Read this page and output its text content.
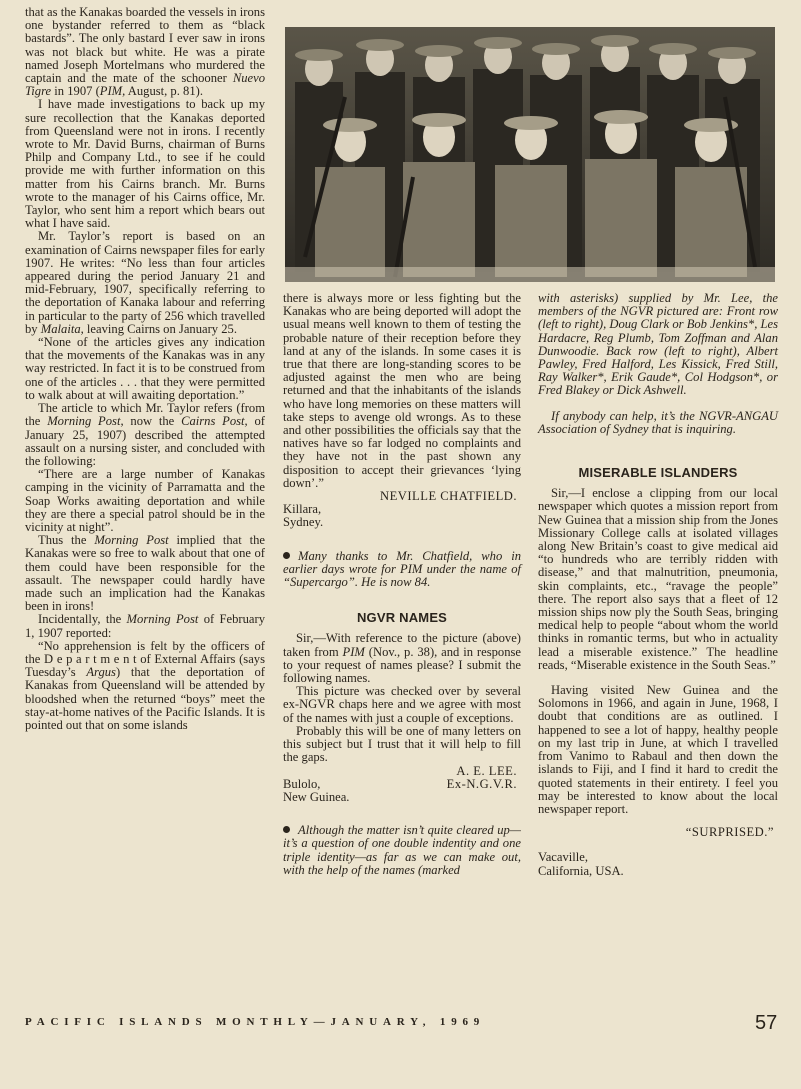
that as the Kanakas boarded the vessels in irons one bystander referred to them as “black bastards”. The only bastard I ever saw in irons was not black but white. He was a pirate named Joseph Mortelmans who murdered the captain and the mate of the schooner Nuevo Tigre in 1907 (PIM, August, p. 81).

I have made investigations to back up my sure recollection that the Kanakas deported from Queensland were not in irons. I recently wrote to Mr. David Burns, chairman of Burns Philp and Company Ltd., to see if he could provide me with further information on this matter from his Cairns branch. Mr. Burns wrote to the manager of his Cairns office, Mr. Taylor, who sent him a report which bears out what I have said.

Mr. Taylor’s report is based on an examination of Cairns newspaper files for early 1907. He writes: “No less than four articles appeared during the period January 21 and mid-February, 1907, specifically referring to the deportation of Kanaka labour and referring in particular to the party of 256 which travelled by Malaita, leaving Cairns on January 25.

“None of the articles gives any indication that the movements of the Kanakas was in any way restricted. In fact it is to be construed from one of the articles . . . that they were permitted to walk about at will awaiting deportation.”

The article to which Mr. Taylor refers (from the Morning Post, now the Cairns Post, of January 25, 1907) described the attempted assault on a nursing sister, and concluded with the following:

“There are a large number of Kanakas camping in the vicinity of Parramatta and the Soap Works awaiting deportation and while they are there a special patrol should be in the vicinity at night”.

Thus the Morning Post implied that the Kanakas were so free to walk about that one of them could have been responsible for the assault. The newspaper could hardly have made such an implication had the Kanakas been in irons!

Incidentally, the Morning Post of February 1, 1907 reported:

“No apprehension is felt by the officers of the D e p a r t m e n t of External Affairs (says Tuesday’s Argus) that the deportation of Kanakas from Queensland will be attended by bloodshed when the returned “boys” meet the stay-at-home natives of the Pacific Islands. It is pointed out that on some islands

there is always more or less fighting but the Kanakas who are being deported will adopt the usual means well known to them of testing the probable nature of their reception before they land at any of the islands. In some cases it is true that there are long-standing scores to be adjusted against the men who are being returned and that the inhabitants of the islands who have long memories on these matters will take steps to avenge old wrongs. As to these and other possibilities the officials say that the natives have so far lodged no complaints and they have not in the past shown any disposition to accept their grievances ‘lying down’.”

NEVILLE CHATFIELD.

Killara,

Sydney.

Many thanks to Mr. Chatfield, who in earlier days wrote for PIM under the name of “Supercargo”. He is now 84.

NGVR NAMES

Sir,—With reference to the picture (above) taken from PIM (Nov., p. 38), and in response to your request of names please? I submit the following names.

This picture was checked over by several ex-NGVR chaps here and we agree with most of the names with just a couple of exceptions.

Probably this will be one of many letters on this subject but I trust that it will help to fill the gaps.

A. E. LEE.

Bulolo,	Ex-N.G.V.R.

New Guinea.

Although the matter isn’t quite cleared up—it’s a question of one double indentity and one triple identity—as far as we can make out, with the help of the names (marked

with asterisks) supplied by Mr. Lee, the members of the NGVR pictured are: Front row (left to right), Doug Clark or Bob Jenkins*, Les Hardacre, Reg Plumb, Tom Zoffman and Alan Dunwoodie. Back row (left to right), Albert Pawley, Fred Halford, Les Kissick, Fred Still, Ray Walker*, Erik Gaude*, Col Hodgson*, or Fred Blakey or Dick Ashwell.

If anybody can help, it’s the NGVR-ANGAU Association of Sydney that is inquiring.

MISERABLE ISLANDERS

Sir,—I enclose a clipping from our local newspaper which quotes a mission report from New Guinea that a mission ship from the Jones Missionary College calls at isolated villages along New Britain’s coast to give medical aid “to hundreds who are terribly ridden with disease,” and that malnutrition, pneumonia, skin complaints, etc., “ravage the people” there. The report also says that a fleet of 12 mission ships now ply the South Seas, bringing medical help to people “about whom the world thinks in romantic terms, but who in actuality lead a miserable existence.” The headline reads, “Miserable existence in the South Seas.”

Having visited New Guinea and the Solomons in 1966, and again in June, 1968, I doubt that conditions are as outlined. I happened to see a lot of happy, healthy people on my last trip in June, at which I travelled from Vanimo to Rabaul and then down the islands to Fiji, and I find it hard to credit the quoted statements in their entirety. I feel you may be interested to know about the local newspaper report.

“SURPRISED.”

Vacaville,

California, USA.

PACIFIC ISLANDS MONTHLY—JANUARY, 1969	57
